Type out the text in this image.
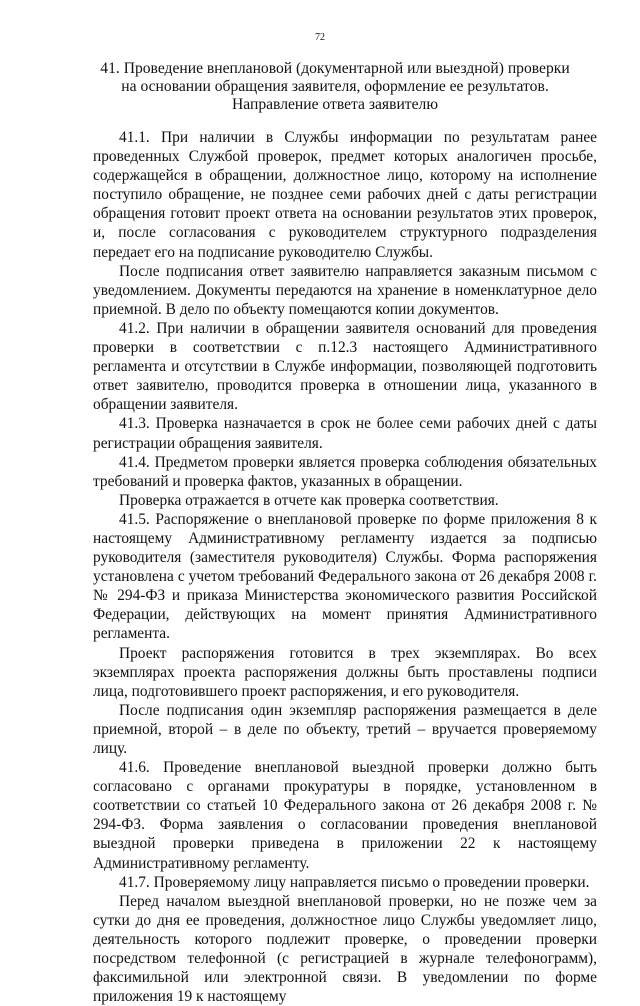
72
41. Проведение внеплановой (документарной или выездной) проверки
на основании обращения заявителя, оформление ее результатов.
Направление ответа заявителю

41.1. При наличии в Службы информации по результатам ранее проведенных Службой проверок, предмет которых аналогичен просьбе, содержащейся в обращении, должностное лицо, которому на исполнение поступило обращение, не позднее семи рабочих дней с даты регистрации обращения готовит проект ответа на основании результатов этих проверок, и, после согласования с руководителем структурного подразделения передает его на подписание руководителю Службы.

После подписания ответ заявителю направляется заказным письмом с уведомлением. Документы передаются на хранение в номенклатурное дело приемной. В дело по объекту помещаются копии документов.

41.2. При наличии в обращении заявителя оснований для проведения проверки в соответствии с п.12.3 настоящего Административного регламента и отсутствии в Службе информации, позволяющей подготовить ответ заявителю, проводится проверка в отношении лица, указанного в обращении заявителя.

41.3. Проверка назначается в срок не более семи рабочих дней с даты регистрации обращения заявителя.

41.4. Предметом проверки является проверка соблюдения обязательных требований и проверка фактов, указанных в обращении.

Проверка отражается в отчете как проверка соответствия.

41.5. Распоряжение о внеплановой проверке по форме приложения 8 к настоящему Административному регламенту издается за подписью руководителя (заместителя руководителя) Службы. Форма распоряжения установлена с учетом требований Федерального закона от 26 декабря 2008 г. № 294-ФЗ и приказа Министерства экономического развития Российской Федерации, действующих на момент принятия Административного регламента.

Проект распоряжения готовится в трех экземплярах. Во всех экземплярах проекта распоряжения должны быть проставлены подписи лица, подготовившего проект распоряжения, и его руководителя.

После подписания один экземпляр распоряжения размещается в деле приемной, второй – в деле по объекту, третий – вручается проверяемому лицу.

41.6. Проведение внеплановой выездной проверки должно быть согласовано с органами прокуратуры в порядке, установленном в соответствии со статьей 10 Федерального закона от 26 декабря 2008 г. № 294-ФЗ. Форма заявления о согласовании проведения внеплановой выездной проверки приведена в приложении 22 к настоящему Административному регламенту.

41.7. Проверяемому лицу направляется письмо о проведении проверки.

Перед началом выездной внеплановой проверки, но не позже чем за сутки до дня ее проведения, должностное лицо Службы уведомляет лицо, деятельность которого подлежит проверке, о проведении проверки посредством телефонной (с регистрацией в журнале телефонограмм), факсимильной или электронной связи. В уведомлении по форме приложения 19 к настоящему
